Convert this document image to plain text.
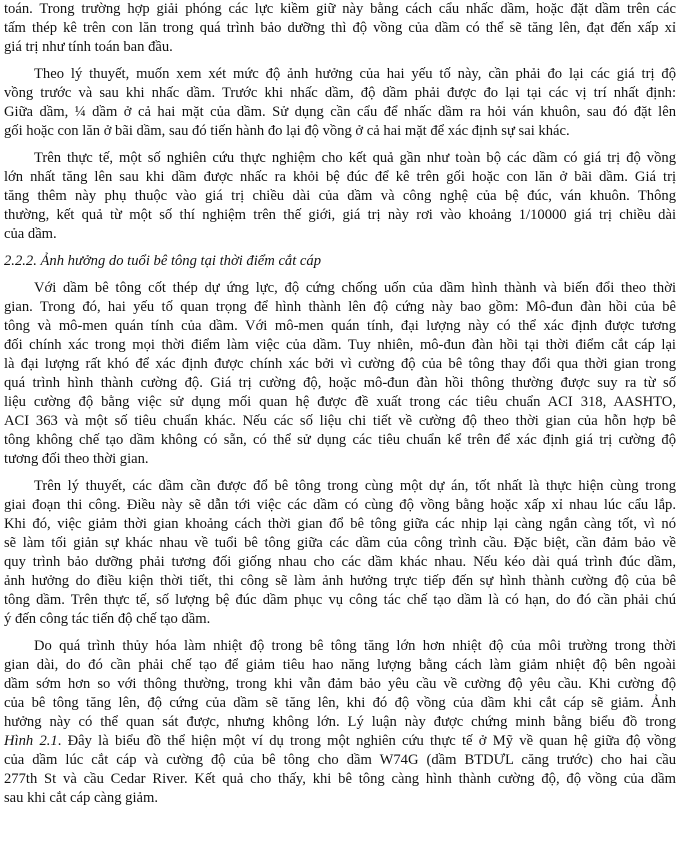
toán. Trong trường hợp giải phóng các lực kiềm giữ này bằng cách cẩu nhấc dầm, hoặc đặt dầm trên các
tấm thép kê trên con lăn trong quá trình bảo dưỡng thì độ vồng của dầm có thể sẽ tăng lên, đạt đến xấp xỉ
giá trị như tính toán ban đầu.
Theo lý thuyết, muốn xem xét mức độ ảnh hưởng của hai yếu tố này, cần phải đo lại các giá trị độ
vồng trước và sau khi nhấc dầm. Trước khi nhấc dầm, độ dầm phải được đo lại tại các vị trí nhất định:
Giữa dầm, ¼ dầm ở cả hai mặt của dầm. Sử dụng cần cẩu để nhấc dầm ra hỏi ván khuôn, sau đó đặt lên
gối hoặc con lăn ở bãi dầm, sau đó tiến hành đo lại độ vồng ở cả hai mặt để xác định sự sai khác.
Trên thực tế, một số nghiên cứu thực nghiệm cho kết quả gần như toàn bộ các dầm có giá trị độ vồng
lớn nhất tăng lên sau khi dầm được nhấc ra khỏi bệ đúc để kê trên gối hoặc con lăn ở bãi dầm. Giá trị
tăng thêm này phụ thuộc vào giá trị chiều dài của dầm và công nghệ của bệ đúc, ván khuôn. Thông
thường, kết quả từ một số thí nghiệm trên thế giới, giá trị này rơi vào khoảng 1/10000 giá trị chiều dài
của dầm.
2.2.2. Ảnh hưởng do tuổi bê tông tại thời điểm cắt cáp
Với dầm bê tông cốt thép dự ứng lực, độ cứng chống uốn của dầm hình thành và biến đổi theo thời
gian. Trong đó, hai yếu tố quan trọng để hình thành lên độ cứng này bao gồm: Mô-đun đàn hồi của bê
tông và mô-men quán tính của dầm. Với mô-men quán tính, đại lượng này có thể xác định được tương
đối chính xác trong mọi thời điểm làm việc của dầm. Tuy nhiên, mô-đun đàn hồi tại thời điểm cắt cáp lại
là đại lượng rất khó để xác định được chính xác bởi vì cường độ của bê tông thay đổi qua thời gian trong
quá trình hình thành cường độ. Giá trị cường độ, hoặc mô-đun đàn hồi thông thường được suy ra từ số
liệu cường độ bằng việc sử dụng mối quan hệ được đề xuất trong các tiêu chuẩn ACI 318, AASHTO,
ACI 363 và một số tiêu chuẩn khác. Nếu các số liệu chi tiết về cường độ theo thời gian của hỗn hợp bê
tông không chế tạo dầm không có sẵn, có thể sử dụng các tiêu chuẩn kể trên để xác định giá trị cường độ
tương đối theo thời gian.
Trên lý thuyết, các dầm cần được đổ bê tông trong cùng một dự án, tốt nhất là thực hiện cùng trong
giai đoạn thi công. Điều này sẽ dẫn tới việc các dầm có cùng độ vồng bằng hoặc xấp xỉ nhau lúc cẩu lắp.
Khi đó, việc giảm thời gian khoảng cách thời gian đổ bê tông giữa các nhịp lại càng ngắn càng tốt, vì nó
sẽ làm tối giản sự khác nhau về tuổi bê tông giữa các dầm của công trình cầu. Đặc biệt, cần đảm bảo về
quy trình bảo dưỡng phải tương đối giống nhau cho các dầm khác nhau. Nếu kéo dài quá trình đúc dầm,
ảnh hưởng do điều kiện thời tiết, thi công sẽ làm ảnh hưởng trực tiếp đến sự hình thành cường độ của bê
tông dầm. Trên thực tế, số lượng bệ đúc dầm phục vụ công tác chế tạo dầm là có hạn, do đó cần phải chú
ý đến công tác tiến độ chế tạo dầm.
Do quá trình thủy hóa làm nhiệt độ trong bê tông tăng lớn hơn nhiệt độ của môi trường trong thời
gian dài, do đó cần phải chế tạo để giảm tiêu hao năng lượng bằng cách làm giảm nhiệt độ bên ngoài
dầm sớm hơn so với thông thường, trong khi vẫn đảm bảo yêu cầu về cường độ yêu cầu. Khi cường độ
của bê tông tăng lên, độ cứng của dầm sẽ tăng lên, khi đó độ vồng của dầm khi cắt cáp sẽ giảm. Ảnh
hưởng này có thể quan sát được, nhưng không lớn. Lý luận này được chứng minh bằng biểu đồ trong
Hình 2.1. Đây là biểu đồ thể hiện một ví dụ trong một nghiên cứu thực tế ở Mỹ về quan hệ giữa độ vồng
của dầm lúc cắt cáp và cường độ của bê tông cho dầm W74G (dầm BTDƯL căng trước) cho hai cầu
277th St và cầu Cedar River. Kết quả cho thấy, khi bê tông càng hình thành cường độ, độ vồng của dầm
sau khi cắt cáp càng giảm.
